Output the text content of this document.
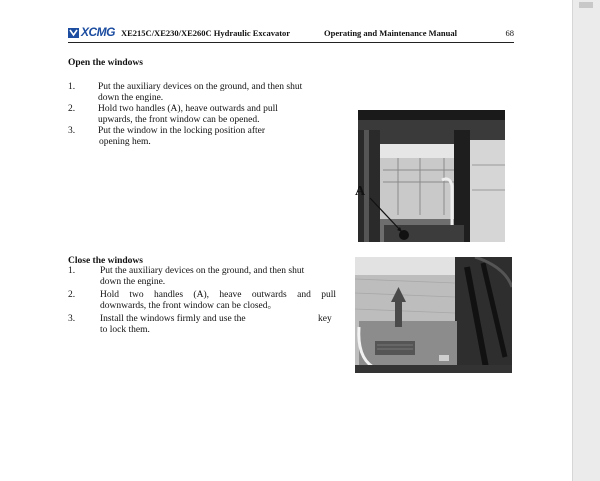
XCMG XE215C/XE230/XE260C Hydraulic Excavator	Operating and Maintenance Manual	68
Open the windows
1. Put the auxiliary devices on the ground, and then shut
down the engine.
2. Hold two handles (A), heave outwards and pull
upwards, the front window can be opened.
3. Put the window in the locking position after
opening hem.
A
Close the windows
1.	Put the auxiliary devices on the ground, and then shut
down the engine.
2.	Hold two handles (A), heave outwards and pull
downwards, the front window can be closed。
3.	Install the windows firmly and use the	key

to lock them.
